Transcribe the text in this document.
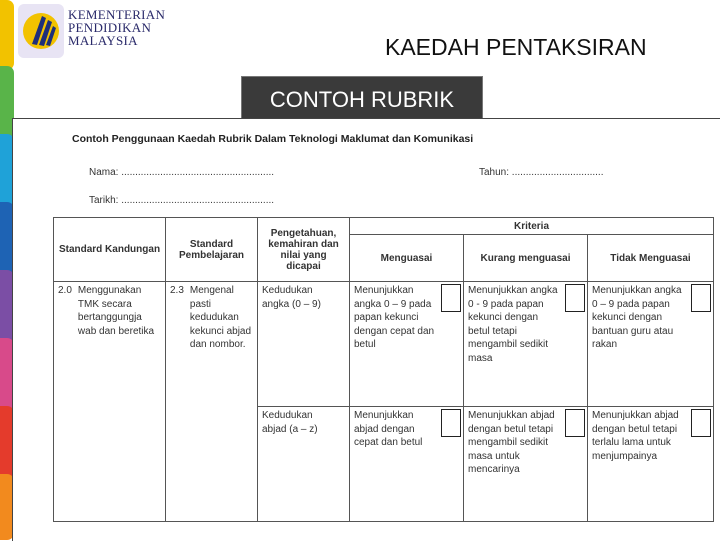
KEMENTERIAN
PENDIDIKAN
MALAYSIA	KAEDAH PENTAKSIRAN
CONTOH RUBRIK
Contoh Penggunaan Kaedah Rubrik Dalam Teknologi Maklumat dan Komunikasi
Nama: .......................................................	Tahun: .................................
Tarikh: .......................................................
Standard Kandungan	Standard Pembelajaran	Pengetahuan, kemahiran dan nilai yang dicapai	Kriteria		
			Menguasai	Kurang menguasai	Tidak Menguasai

2.0 Menggunakan TMK secara bertanggungja wab dan beretika	2.3 Mengenal pasti kedudukan kekunci abjad dan nombor.	Kedudukan angka (0 – 9)	Menunjukkan angka 0 – 9 pada papan kekunci dengan cepat dan betul	Menunjukkan angka 0 - 9 pada papan kekunci dengan betul tetapi mengambil sedikit masa	Menunjukkan angka 0 – 9 pada papan kekunci dengan bantuan guru atau rakan

		Kedudukan abjad (a – z)	Menunjukkan abjad dengan cepat dan betul	Menunjukkan abjad dengan betul tetapi mengambil sedikit masa untuk mencarinya	Menunjukkan abjad dengan betul tetapi terlalu lama untuk menjumpainya
